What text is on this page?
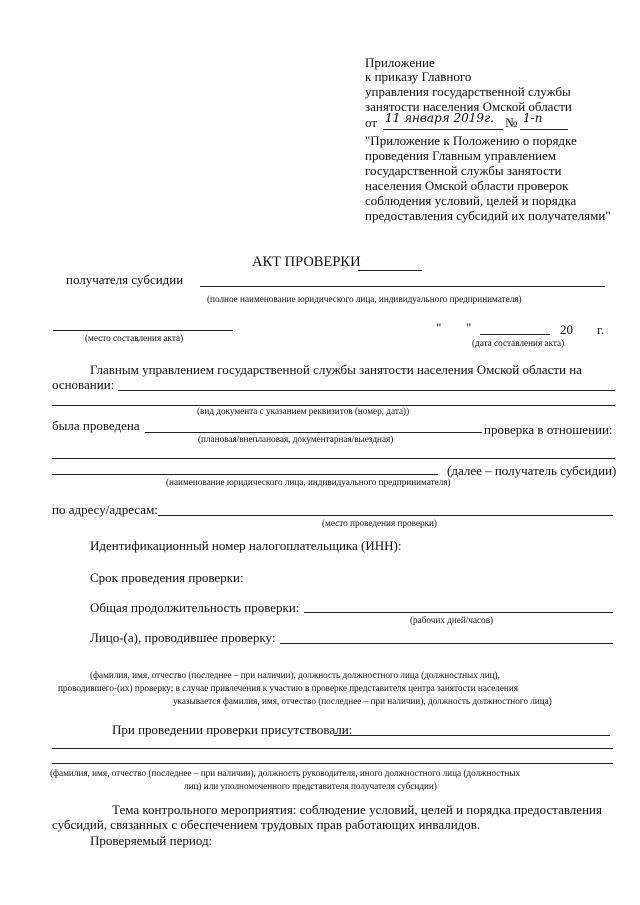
Приложение
к приказу Главного
управления государственной службы
занятости населения Омской области
от 11 января 2019г. № 1-п
"Приложение к Положению о порядке
проведения Главным управлением
государственной службы занятости
населения Омской области проверок
соблюдения условий, целей и порядка
предоставления субсидий их получателями"
АКТ ПРОВЕРКИ
получателя субсидии
(полное наименование юридического лица, индивидуального предпринимателя)
(место составления акта)
" "	20 г.
(дата составления акта)
Главным управлением государственной службы занятости населения Омской области на
основании:
(вид документа с указанием реквизитов (номер, дата))
была проведена	проверка в отношении:
(плановая/внеплановая, документарная/выездная)
(далее – получатель субсидии)
(наименование юридического лица, индивидуального предпринимателя)
по адресу/адресам:
(место проведения проверки)
Идентификационный номер налогоплательщика (ИНН):
Срок проведения проверки:
Общая продолжительность проверки:
(рабочих дней/часов)
Лицо-(а), проводившее проверку:
(фамилия, имя, отчество (последнее – при наличии), должность должностного лица (должностных лиц),
проводившего-(их) проверку; в случае привлечения к участию в проверке представителя центра занятости населения
указывается фамилия, имя, отчество (последнее – при наличии), должность должностного лица)
При проведении проверки присутствовали:
(фамилия, имя, отчество (последнее – при наличии), должность руководителя, иного должностного лица (должностных
лиц) или уполномоченного представителя получателя субсидии)
Тема контрольного мероприятия: соблюдение условий, целей и порядка предоставления
субсидий, связанных с обеспечением трудовых прав работающих инвалидов.
Проверяемый период:
